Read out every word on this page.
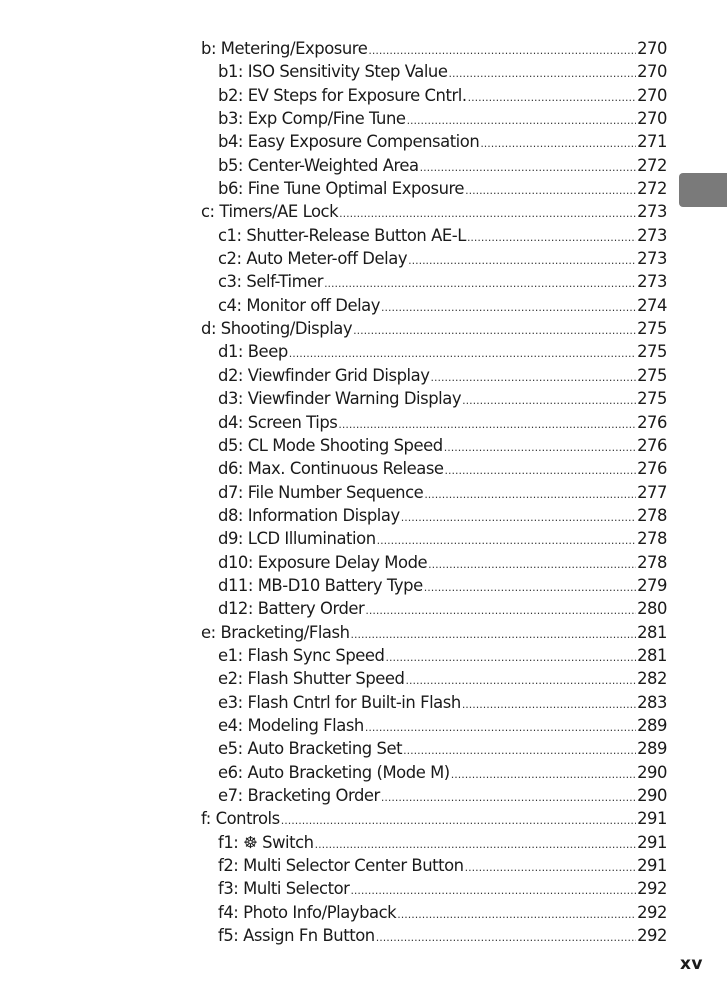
b: Metering/Exposure .....	270
b1: ISO Sensitivity Step Value .....	270
b2: EV Steps for Exposure Cntrl. .....	270
b3: Exp Comp/Fine Tune .....	270
b4: Easy Exposure Compensation .....	271
b5: Center-Weighted Area .....	272
b6: Fine Tune Optimal Exposure .....	272
c: Timers/AE Lock .....	273
c1: Shutter-Release Button AE-L .....	273
c2: Auto Meter-off Delay .....	273
c3: Self-Timer .....	273
c4: Monitor off Delay .....	274
d: Shooting/Display .....	275
d1: Beep .....	275
d2: Viewfinder Grid Display .....	275
d3: Viewfinder Warning Display .....	275
d4: Screen Tips .....	276
d5: CL Mode Shooting Speed .....	276
d6: Max. Continuous Release .....	276
d7: File Number Sequence .....	277
d8: Information Display .....	278
d9: LCD Illumination .....	278
d10: Exposure Delay Mode .....	278
d11: MB-D10 Battery Type .....	279
d12: Battery Order .....	280
e: Bracketing/Flash .....	281
e1: Flash Sync Speed .....	281
e2: Flash Shutter Speed .....	282
e3: Flash Cntrl for Built-in Flash .....	283
e4: Modeling Flash .....	289
e5: Auto Bracketing Set .....	289
e6: Auto Bracketing (Mode M) .....	290
e7: Bracketing Order .....	290
f: Controls .....	291
f1: ☸ Switch .....	291
f2: Multi Selector Center Button .....	291
f3: Multi Selector .....	292
f4: Photo Info/Playback .....	292
f5: Assign Fn Button .....	292
xv
